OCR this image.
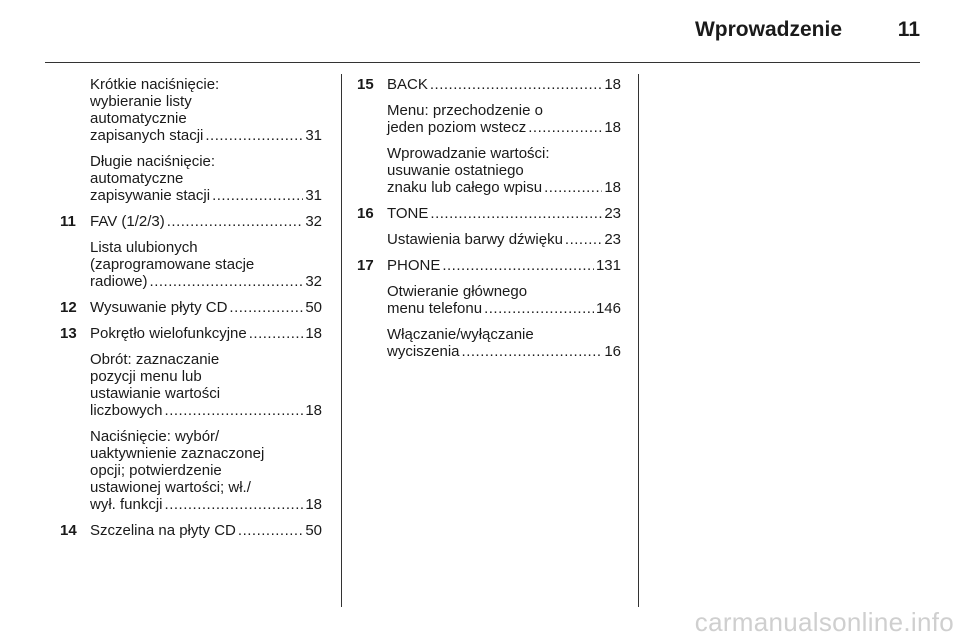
Wprowadzenie	11
Krótkie naciśnięcie:
wybieranie listy
automatycznie
zapisanych stacji .....	31
Długie naciśnięcie:
automatyczne
zapisywanie stacji .....	31
11 FAV (1/2/3) .....	32
Lista ulubionych
(zaprogramowane stacje
radiowe) .....	32
12 Wysuwanie płyty CD .....	50
13 Pokrętło wielofunkcyjne .....	18
Obrót: zaznaczanie
pozycji menu lub
ustawianie wartości
liczbowych .....	18
Naciśnięcie: wybór/
uaktywnienie zaznaczonej
opcji; potwierdzenie
ustawionej wartości; wł./
wył. funkcji .....	18
14 Szczelina na płyty CD .....	50
15 BACK .....	18
Menu: przechodzenie o
jeden poziom wstecz .....	18
Wprowadzanie wartości:
usuwanie ostatniego
znaku lub całego wpisu .....	18
16 TONE .....	23
Ustawienia barwy dźwięku .....	23
17 PHONE .....	131
Otwieranie głównego
menu telefonu .....	146
Włączanie/wyłączanie
wyciszenia .....	16
carmanualsonline.info
